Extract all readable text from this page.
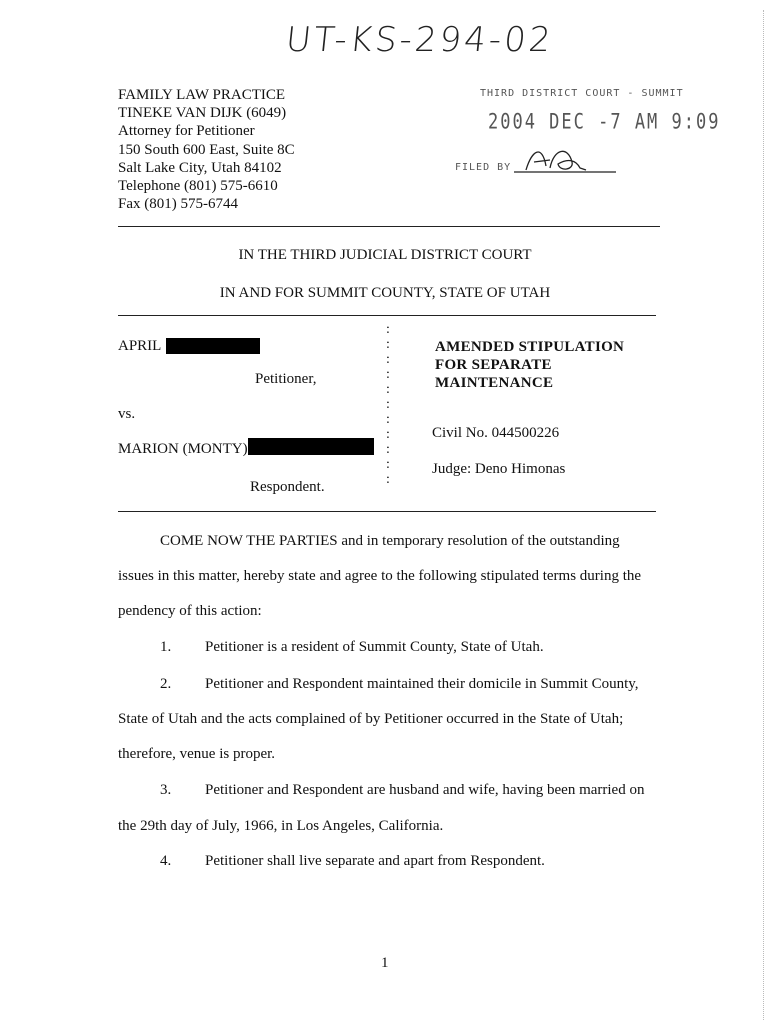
UT-KS-294-02
FAMILY LAW PRACTICE
TINEKE VAN DIJK (6049)
Attorney for Petitioner
150 South 600 East, Suite 8C
Salt Lake City, Utah 84102
Telephone (801) 575-6610
Fax (801) 575-6744
THIRD DISTRICT COURT - SUMMIT
2004 DEC -7 AM 9:09
FILED BY
IN THE THIRD JUDICIAL DISTRICT COURT
IN AND FOR SUMMIT COUNTY, STATE OF UTAH
:
:
:
:
:
:
:
:
:
:
:
APRIL
Petitioner,
vs.
MARION (MONTY)
Respondent.
AMENDED STIPULATION
FOR SEPARATE
MAINTENANCE
Civil No. 044500226
Judge: Deno Himonas
COME NOW THE PARTIES and in temporary resolution of the outstanding
issues in this matter, hereby state and agree to the following stipulated terms during the
pendency of this action:
1. Petitioner is a resident of Summit County, State of Utah.
2. Petitioner and Respondent maintained their domicile in Summit County,
State of Utah and the acts complained of by Petitioner occurred in the State of Utah;
therefore, venue is proper.
3. Petitioner and Respondent are husband and wife, having been married on
the 29th day of July, 1966, in Los Angeles, California.
4. Petitioner shall live separate and apart from Respondent.
1
